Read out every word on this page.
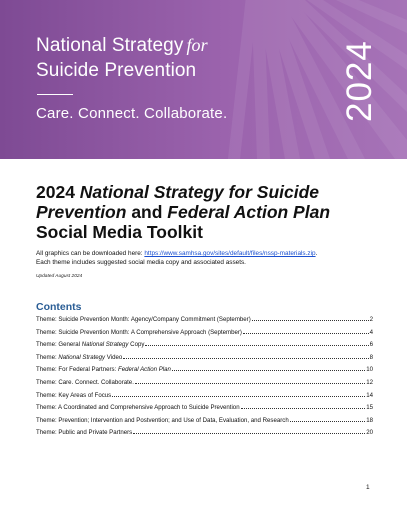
National Strategy for
Suicide Prevention
Care. Connect. Collaborate.	2024
2024 National Strategy for Suicide Prevention and Federal Action Plan
Social Media Toolkit

All graphics can be downloaded here: https://www.samhsa.gov/sites/default/files/nssp-materials.zip.
Each theme includes suggested social media copy and associated assets.

Updated August 2024

Contents
Theme: Suicide Prevention Month: Agency/Company Commitment (September)	2
Theme: Suicide Prevention Month: A Comprehensive Approach (September)	4
Theme: General National Strategy Copy	6
Theme: National Strategy Video	8
Theme: For Federal Partners: Federal Action Plan	10
Theme: Care. Connect. Collaborate.	12
Theme: Key Areas of Focus	14
Theme: A Coordinated and Comprehensive Approach to Suicide Prevention	15
Theme: Prevention; Intervention and Postvention; and Use of Data, Evaluation, and Research	18
Theme: Public and Private Partners	20
1
